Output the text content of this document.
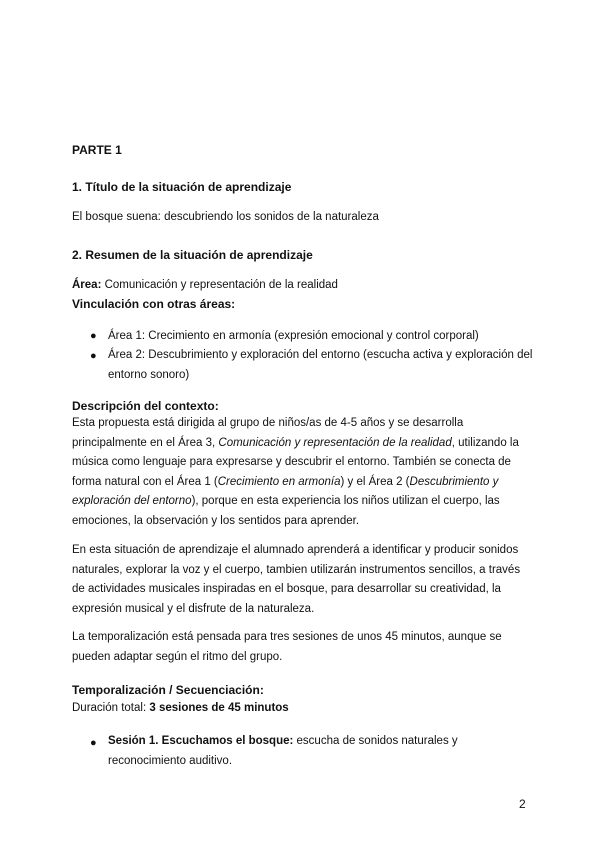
PARTE 1
1. Título de la situación de aprendizaje
El bosque suena: descubriendo los sonidos de la naturaleza
2. Resumen de la situación de aprendizaje
Área: Comunicación y representación de la realidad
Vinculación con otras áreas:
● Área 1: Crecimiento en armonía (expresión emocional y control corporal)
● Área 2: Descubrimiento y exploración del entorno (escucha activa y exploración del entorno sonoro)
Descripción del contexto:
Esta propuesta está dirigida al grupo de niños/as de 4-5 años y se desarrolla principalmente en el Área 3, Comunicación y representación de la realidad, utilizando la música como lenguaje para expresarse y descubrir el entorno. También se conecta de forma natural con el Área 1 (Crecimiento en armonía) y el Área 2 (Descubrimiento y exploración del entorno), porque en esta experiencia los niños utilizan el cuerpo, las emociones, la observación y los sentidos para aprender.
En esta situación de aprendizaje el alumnado aprenderá a identificar y producir sonidos naturales, explorar la voz y el cuerpo, tambien utilizarán instrumentos sencillos, a través de actividades musicales inspiradas en el bosque, para desarrollar su creatividad, la expresión musical y el disfrute de la naturaleza.
La temporalización está pensada para tres sesiones de unos 45 minutos, aunque se pueden adaptar según el ritmo del grupo.
Temporalización / Secuenciación:
Duración total: 3 sesiones de 45 minutos
● Sesión 1. Escuchamos el bosque: escucha de sonidos naturales y reconocimiento auditivo.
2
